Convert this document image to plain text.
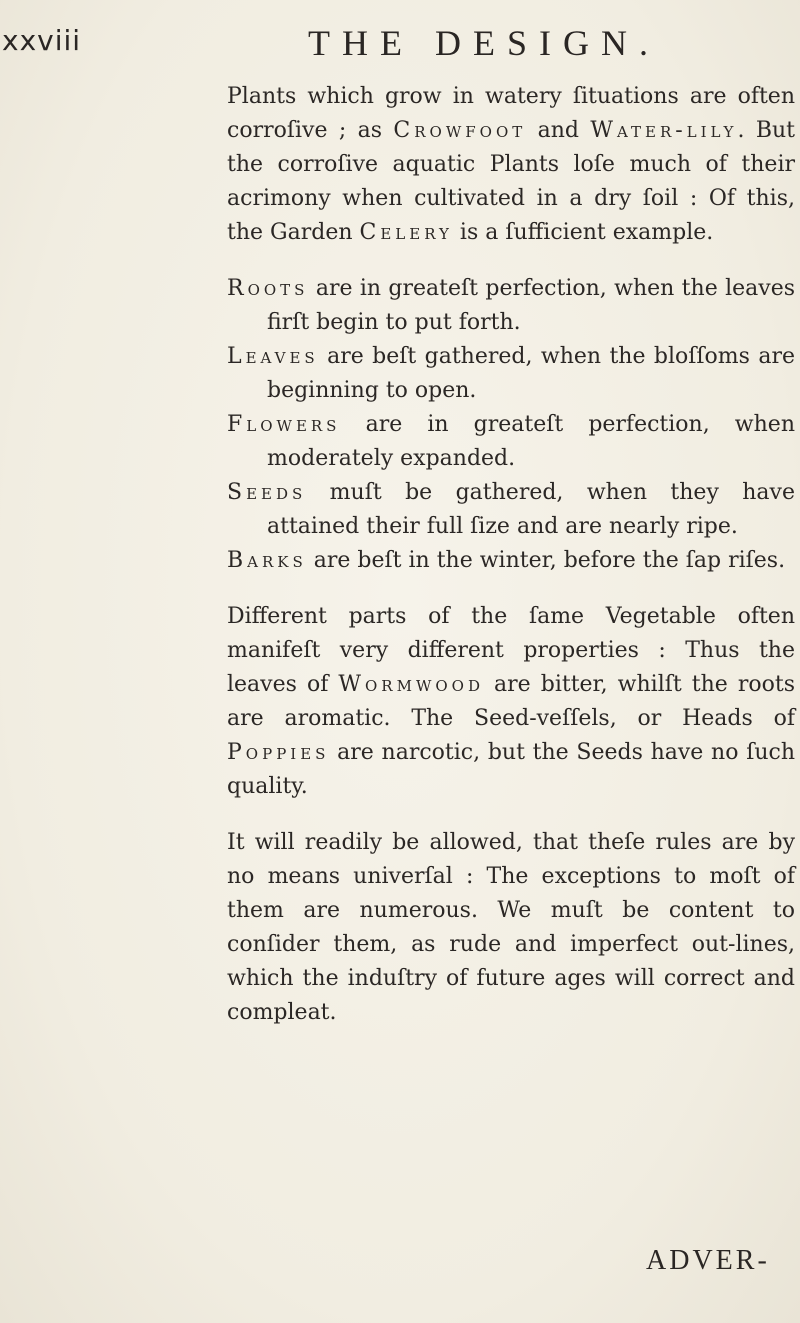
xxviii	THE DESIGN.

Plants which grow in watery ſituations are often corroſive ; as Crowfoot and Water-lily. But the corroſive aquatic Plants loſe much of their acrimony when cultivated in a dry ſoil : Of this, the Garden Celery is a ſufficient example.

Roots are in greateſt perfection, when the leaves firſt begin to put forth.

Leaves are beſt gathered, when the bloſſoms are beginning to open.

Flowers are in greateſt perfection, when moderately expanded.

Seeds muſt be gathered, when they have attained their full ſize and are nearly ripe.

Barks are beſt in the winter, before the ſap riſes.

Different parts of the ſame Vegetable often manifeſt very different properties : Thus the leaves of Wormwood are bitter, whilſt the roots are aromatic. The Seed-veſſels, or Heads of Poppies are narcotic, but the Seeds have no ſuch quality.

It will readily be allowed, that theſe rules are by no means univerſal : The exceptions to moſt of them are numerous. We muſt be content to conſider them, as rude and imperfect out-lines, which the induſtry of future ages will correct and compleat.

ADVER-
